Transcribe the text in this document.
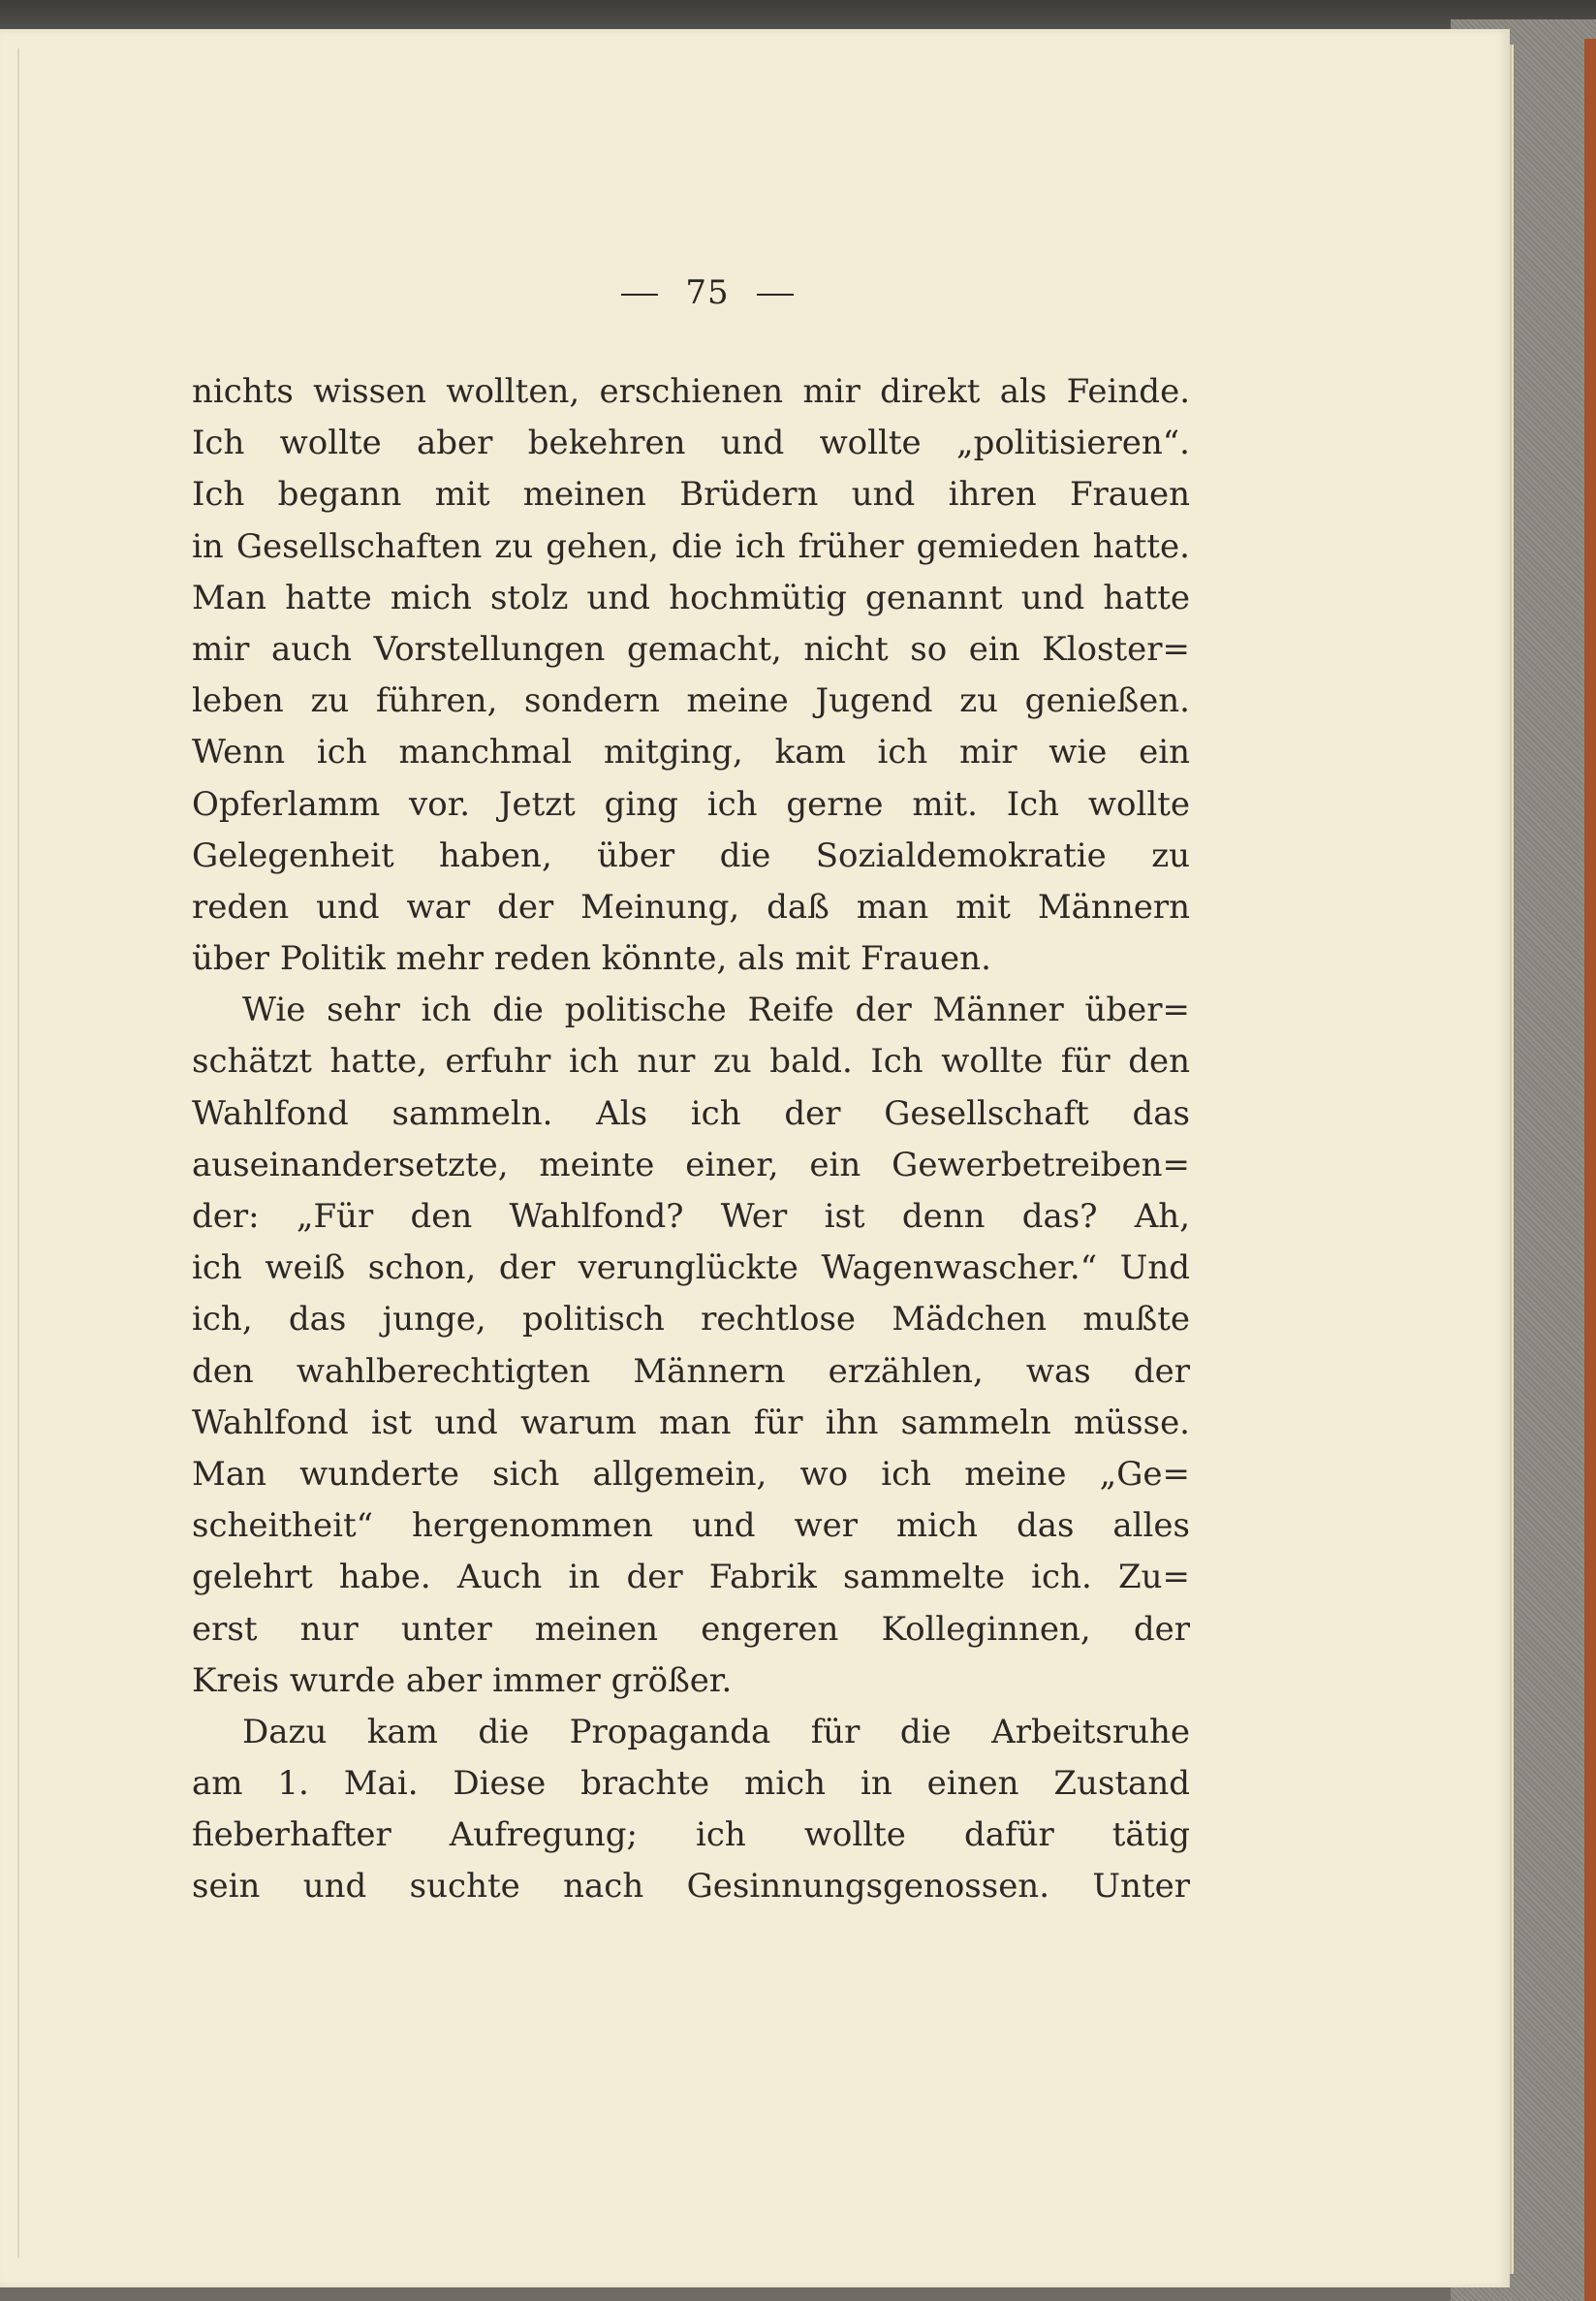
75
nichts wissen wollten, erschienen mir direkt als Feinde.
Ich wollte aber bekehren und wollte „politisieren“.
Ich begann mit meinen Brüdern und ihren Frauen
in Gesellschaften zu gehen, die ich früher gemieden hatte.
Man hatte mich stolz und hochmütig genannt und hatte
mir auch Vorstellungen gemacht, nicht so ein Kloster=
leben zu führen, sondern meine Jugend zu genießen.
Wenn ich manchmal mitging, kam ich mir wie ein
Opferlamm vor. Jetzt ging ich gerne mit. Ich wollte
Gelegenheit haben, über die Sozialdemokratie zu
reden und war der Meinung, daß man mit Männern
über Politik mehr reden könnte, als mit Frauen.
Wie sehr ich die politische Reife der Männer über=
schätzt hatte, erfuhr ich nur zu bald. Ich wollte für den
Wahlfond sammeln. Als ich der Gesellschaft das
auseinandersetzte, meinte einer, ein Gewerbetreiben=
der: „Für den Wahlfond? Wer ist denn das? Ah,
ich weiß schon, der verunglückte Wagenwascher.“ Und
ich, das junge, politisch rechtlose Mädchen mußte
den wahlberechtigten Männern erzählen, was der
Wahlfond ist und warum man für ihn sammeln müsse.
Man wunderte sich allgemein, wo ich meine „Ge=
scheitheit“ hergenommen und wer mich das alles
gelehrt habe. Auch in der Fabrik sammelte ich. Zu=
erst nur unter meinen engeren Kolleginnen, der
Kreis wurde aber immer größer.
Dazu kam die Propaganda für die Arbeitsruhe
am 1. Mai. Diese brachte mich in einen Zustand
fieberhafter Aufregung; ich wollte dafür tätig
sein und suchte nach Gesinnungsgenossen. Unter
